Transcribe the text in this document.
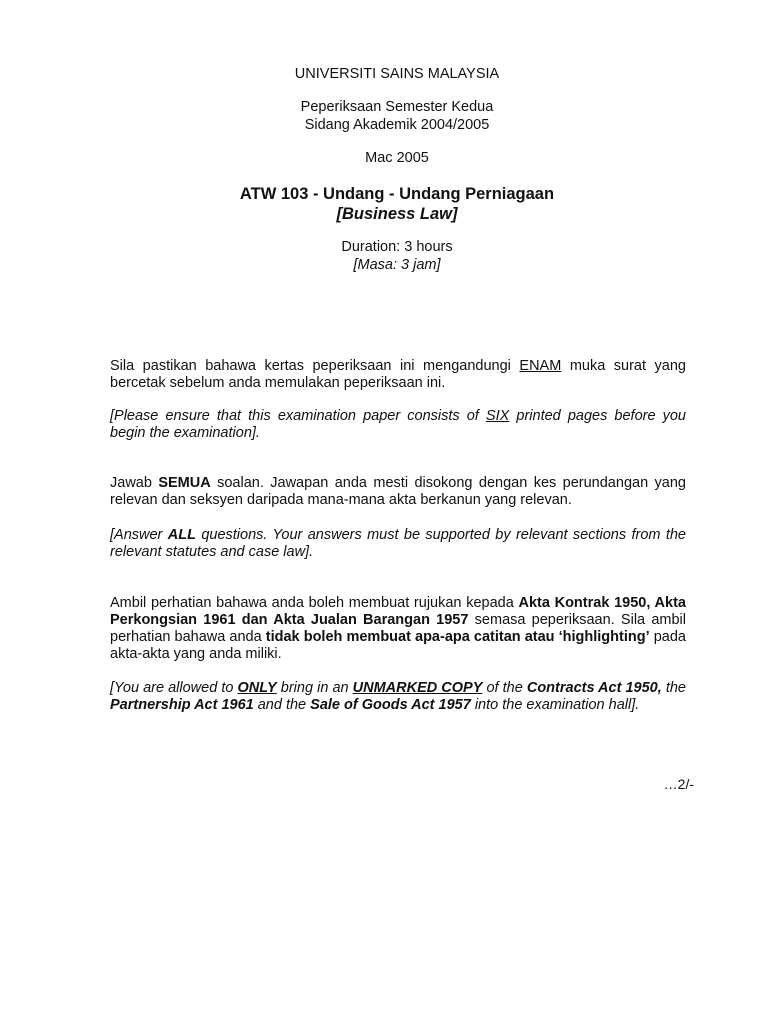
UNIVERSITI SAINS MALAYSIA
Peperiksaan Semester Kedua
Sidang Akademik 2004/2005
Mac 2005
ATW 103 - Undang - Undang Perniagaan
[Business Law]
Duration: 3 hours
[Masa: 3 jam]
Sila pastikan bahawa kertas peperiksaan ini mengandungi ENAM muka surat yang bercetak sebelum anda memulakan peperiksaan ini.
[Please ensure that this examination paper consists of SIX printed pages before you begin the examination].
Jawab SEMUA soalan. Jawapan anda mesti disokong dengan kes perundangan yang relevan dan seksyen daripada mana-mana akta berkanun yang relevan.
[Answer ALL questions. Your answers must be supported by relevant sections from the relevant statutes and case law].
Ambil perhatian bahawa anda boleh membuat rujukan kepada Akta Kontrak 1950, Akta Perkongsian 1961 dan Akta Jualan Barangan 1957 semasa peperiksaan. Sila ambil perhatian bahawa anda tidak boleh membuat apa-apa catitan atau ‘highlighting’ pada akta-akta yang anda miliki.
[You are allowed to ONLY bring in an UNMARKED COPY of the Contracts Act 1950, the Partnership Act 1961 and the Sale of Goods Act 1957 into the examination hall].
…2/-
